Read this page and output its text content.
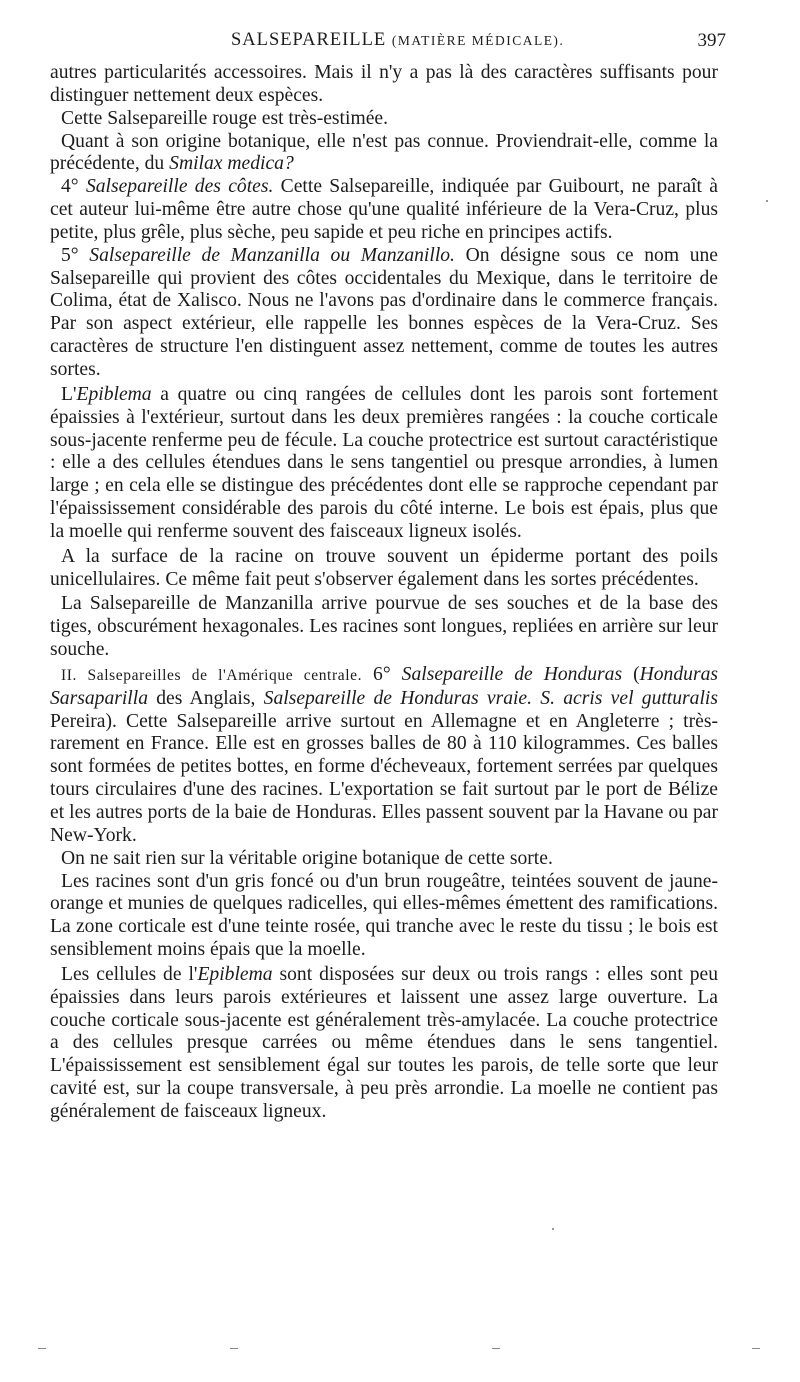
SALSEPAREILLE (MATIÈRE MÉDICALE).	397

autres particularités accessoires. Mais il n'y a pas là des caractères suffisants pour distinguer nettement deux espèces.

Cette Salsepareille rouge est très-estimée.

Quant à son origine botanique, elle n'est pas connue. Proviendrait-elle, comme la précédente, du Smilax medica?

4° Salsepareille des côtes. Cette Salsepareille, indiquée par Guibourt, ne paraît à cet auteur lui-même être autre chose qu'une qualité inférieure de la Vera-Cruz, plus petite, plus grêle, plus sèche, peu sapide et peu riche en principes actifs.

5° Salsepareille de Manzanilla ou Manzanillo. On désigne sous ce nom une Salsepareille qui provient des côtes occidentales du Mexique, dans le territoire de Colima, état de Xalisco. Nous ne l'avons pas d'ordinaire dans le commerce français. Par son aspect extérieur, elle rappelle les bonnes espèces de la Vera-Cruz. Ses caractères de structure l'en distinguent assez nettement, comme de toutes les autres sortes.

L'Epiblema a quatre ou cinq rangées de cellules dont les parois sont fortement épaissies à l'extérieur, surtout dans les deux premières rangées : la couche corticale sous-jacente renferme peu de fécule. La couche protectrice est surtout caractéristique : elle a des cellules étendues dans le sens tangentiel ou presque arrondies, à lumen large ; en cela elle se distingue des précédentes dont elle se rapproche cependant par l'épaississement considérable des parois du côté interne. Le bois est épais, plus que la moelle qui renferme souvent des faisceaux ligneux isolés.

A la surface de la racine on trouve souvent un épiderme portant des poils unicellulaires. Ce même fait peut s'observer également dans les sortes précédentes.

La Salsepareille de Manzanilla arrive pourvue de ses souches et de la base des tiges, obscurément hexagonales. Les racines sont longues, repliées en arrière sur leur souche.

II. Salsepareilles de l'Amérique centrale. 6° Salsepareille de Honduras (Honduras Sarsaparilla des Anglais, Salsepareille de Honduras vraie. S. acris vel gutturalis Pereira). Cette Salsepareille arrive surtout en Allemagne et en Angleterre ; très-rarement en France. Elle est en grosses balles de 80 à 110 kilogrammes. Ces balles sont formées de petites bottes, en forme d'écheveaux, fortement serrées par quelques tours circulaires d'une des racines. L'exportation se fait surtout par le port de Bélize et les autres ports de la baie de Honduras. Elles passent souvent par la Havane ou par New-York.

On ne sait rien sur la véritable origine botanique de cette sorte.

Les racines sont d'un gris foncé ou d'un brun rougeâtre, teintées souvent de jaune-orange et munies de quelques radicelles, qui elles-mêmes émettent des ramifications. La zone corticale est d'une teinte rosée, qui tranche avec le reste du tissu ; le bois est sensiblement moins épais que la moelle.

Les cellules de l'Epiblema sont disposées sur deux ou trois rangs : elles sont peu épaissies dans leurs parois extérieures et laissent une assez large ouverture. La couche corticale sous-jacente est généralement très-amylacée. La couche protectrice a des cellules presque carrées ou même étendues dans le sens tangentiel. L'épaississement est sensiblement égal sur toutes les parois, de telle sorte que leur cavité est, sur la coupe transversale, à peu près arrondie. La moelle ne contient pas généralement de faisceaux ligneux.
